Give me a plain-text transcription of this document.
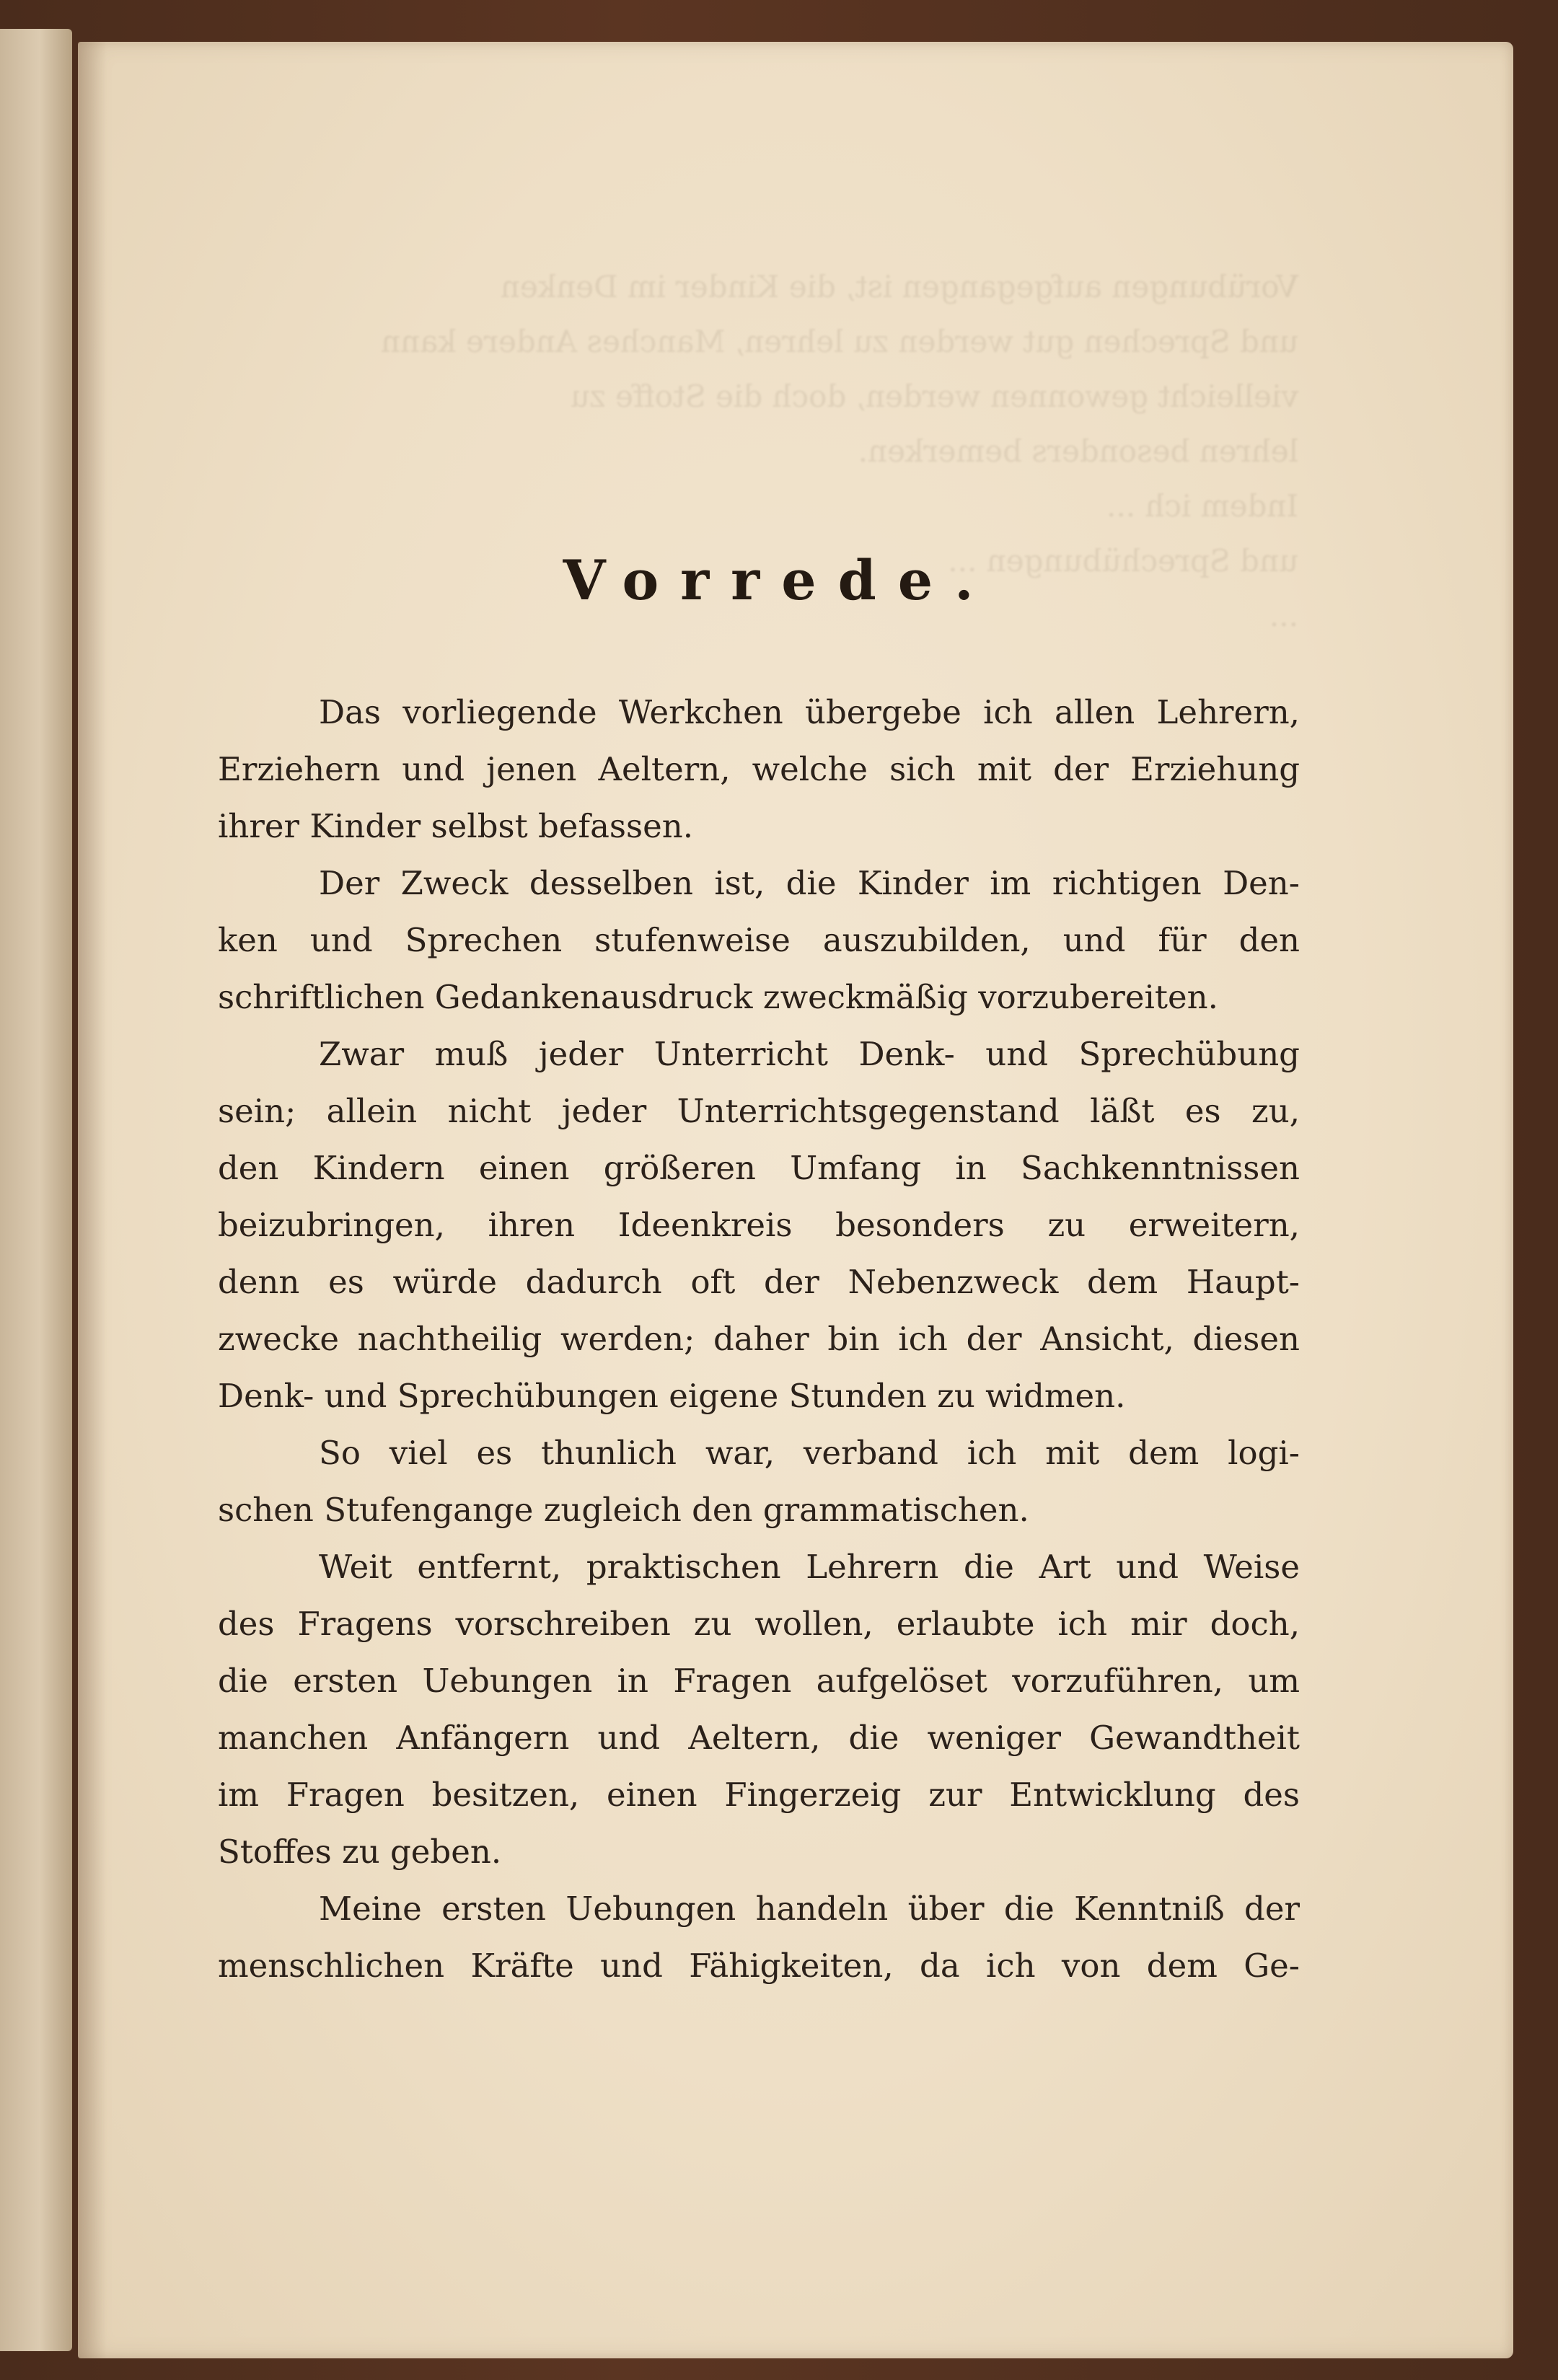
Vorübungen aufgegangen ist, die Kinder im Denken
und Sprechen gut werden zu lehren, Manches Andere kann
vielleicht gewonnen werden, doch die Stoffe zu
lehren besonders bemerken.
Indem ich ...
und Sprechübungen ...
...
Vorrede.
Das vorliegende Werkchen übergebe ich allen Lehrern,
Erziehern und jenen Aeltern, welche sich mit der Erziehung
ihrer Kinder selbst befassen.
Der Zweck desselben ist, die Kinder im richtigen Den-
ken und Sprechen stufenweise auszubilden, und für den
schriftlichen Gedankenausdruck zweckmäßig vorzubereiten.
Zwar muß jeder Unterricht Denk- und Sprechübung
sein; allein nicht jeder Unterrichtsgegenstand läßt es zu,
den Kindern einen größeren Umfang in Sachkenntnissen
beizubringen, ihren Ideenkreis besonders zu erweitern,
denn es würde dadurch oft der Nebenzweck dem Haupt-
zwecke nachtheilig werden; daher bin ich der Ansicht, diesen
Denk- und Sprechübungen eigene Stunden zu widmen.
So viel es thunlich war, verband ich mit dem logi-
schen Stufengange zugleich den grammatischen.
Weit entfernt, praktischen Lehrern die Art und Weise
des Fragens vorschreiben zu wollen, erlaubte ich mir doch,
die ersten Uebungen in Fragen aufgelöset vorzuführen, um
manchen Anfängern und Aeltern, die weniger Gewandtheit
im Fragen besitzen, einen Fingerzeig zur Entwicklung des
Stoffes zu geben.
Meine ersten Uebungen handeln über die Kenntniß der
menschlichen Kräfte und Fähigkeiten, da ich von dem Ge-
